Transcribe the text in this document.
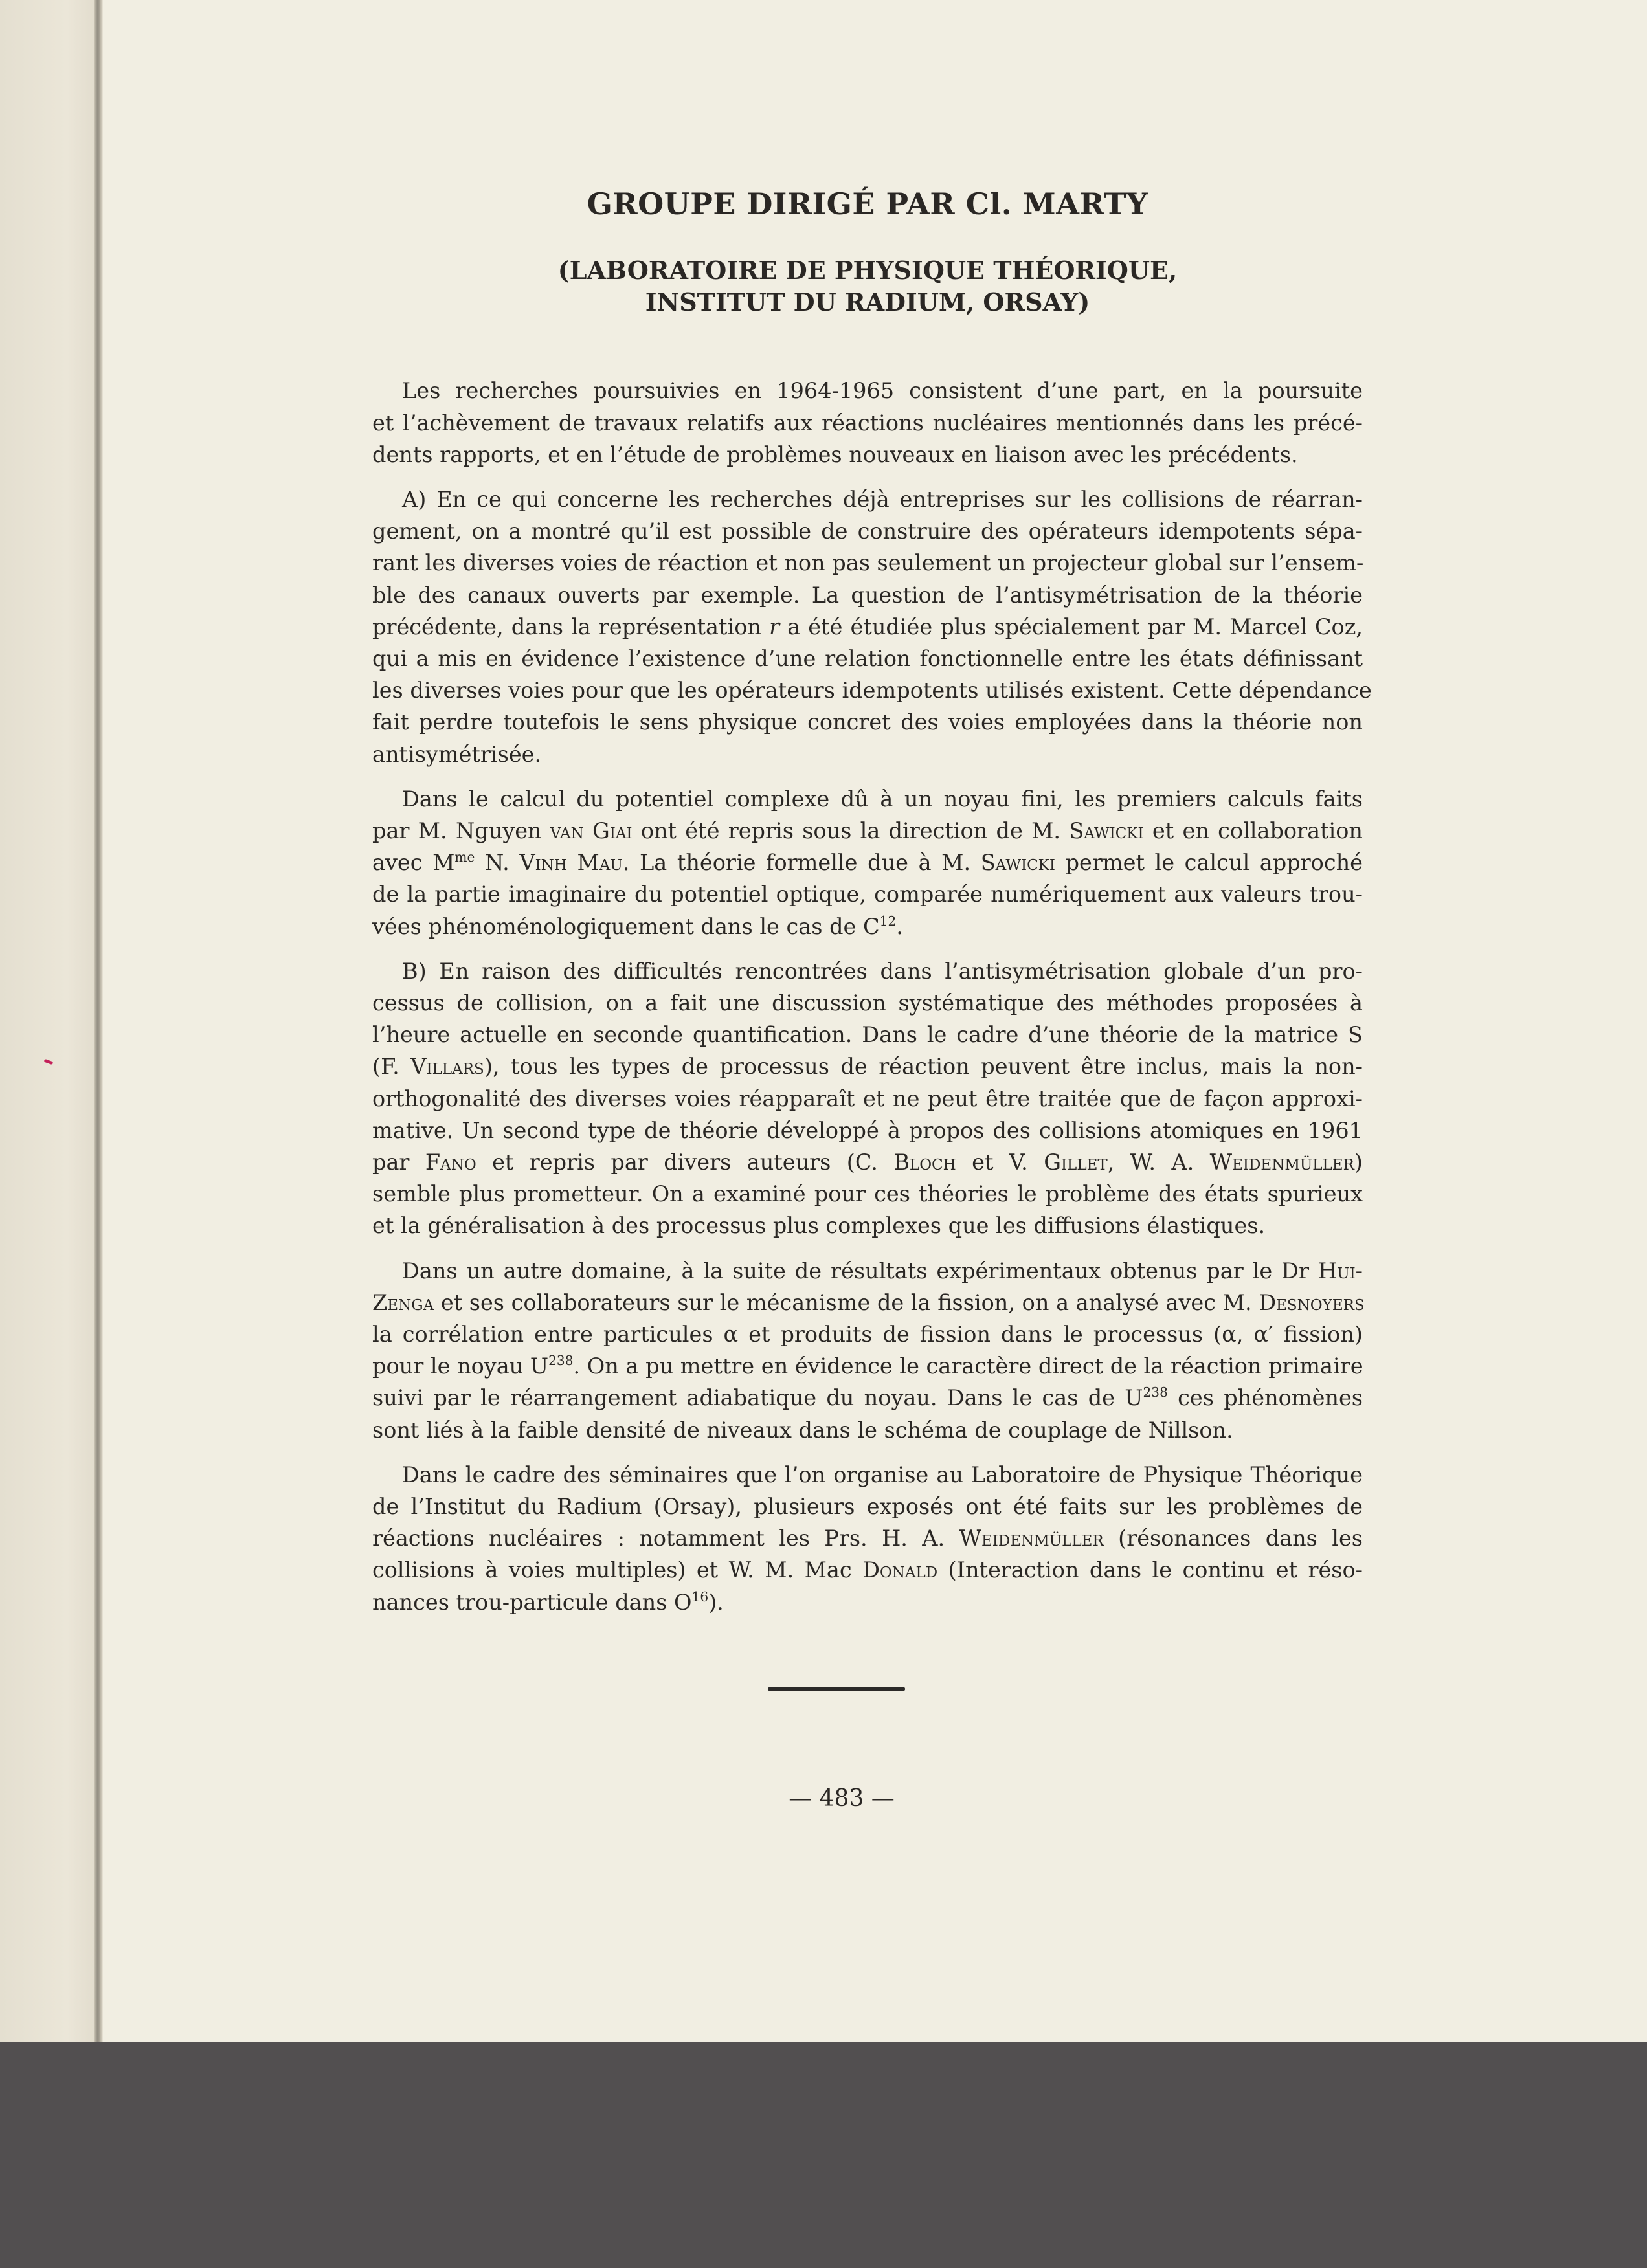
GROUPE DIRIGÉ PAR Cl. MARTY
(LABORATOIRE DE PHYSIQUE THÉORIQUE,
INSTITUT DU RADIUM, ORSAY)

Les recherches poursuivies en 1964-1965 consistent d’une part, en la poursuite
et l’achèvement de travaux relatifs aux réactions nucléaires mentionnés dans les précé-
dents rapports, et en l’étude de problèmes nouveaux en liaison avec les précédents.

A) En ce qui concerne les recherches déjà entreprises sur les collisions de réarran-
gement, on a montré qu’il est possible de construire des opérateurs idempotents sépa-
rant les diverses voies de réaction et non pas seulement un projecteur global sur l’ensem-
ble des canaux ouverts par exemple. La question de l’antisymétrisation de la théorie
précédente, dans la représentation r a été étudiée plus spécialement par M. Marcel Coz,
qui a mis en évidence l’existence d’une relation fonctionnelle entre les états définissant
les diverses voies pour que les opérateurs idempotents utilisés existent. Cette dépendance
fait perdre toutefois le sens physique concret des voies employées dans la théorie non
antisymétrisée.

Dans le calcul du potentiel complexe dû à un noyau fini, les premiers calculs faits
par M. Nguyen van Giai ont été repris sous la direction de M. Sawicki et en collaboration
avec $M^{me}$ N. Vinh Mau. La théorie formelle due à M. Sawicki permet le calcul approché
de la partie imaginaire du potentiel optique, comparée numériquement aux valeurs trou-
vées phénoménologiquement dans le cas de $C^{12}$.

B) En raison des difficultés rencontrées dans l’antisymétrisation globale d’un pro-
cessus de collision, on a fait une discussion systématique des méthodes proposées à
l’heure actuelle en seconde quantification. Dans le cadre d’une théorie de la matrice S
(F. Villars), tous les types de processus de réaction peuvent être inclus, mais la non-
orthogonalité des diverses voies réapparaît et ne peut être traitée que de façon approxi-
mative. Un second type de théorie développé à propos des collisions atomiques en 1961
par Fano et repris par divers auteurs (C. Bloch et V. Gillet, W. A. Weidenmüller)
semble plus prometteur. On a examiné pour ces théories le problème des états spurieux
et la généralisation à des processus plus complexes que les diffusions élastiques.

Dans un autre domaine, à la suite de résultats expérimentaux obtenus par le Dr Hui-
Zenga et ses collaborateurs sur le mécanisme de la fission, on a analysé avec M. Desnoyers
la corrélation entre particules α et produits de fission dans le processus (α, α′ fission)
pour le noyau $U^{238}$. On a pu mettre en évidence le caractère direct de la réaction primaire
suivi par le réarrangement adiabatique du noyau. Dans le cas de $U^{238}$ ces phénomènes
sont liés à la faible densité de niveaux dans le schéma de couplage de Nillson.

Dans le cadre des séminaires que l’on organise au Laboratoire de Physique Théorique
de l’Institut du Radium (Orsay), plusieurs exposés ont été faits sur les problèmes de
réactions nucléaires : notamment les Prs. H. A. Weidenmüller (résonances dans les
collisions à voies multiples) et W. M. Mac Donald (Interaction dans le continu et réso-
nances trou-particule dans $O^{16}$).

— 483 —
